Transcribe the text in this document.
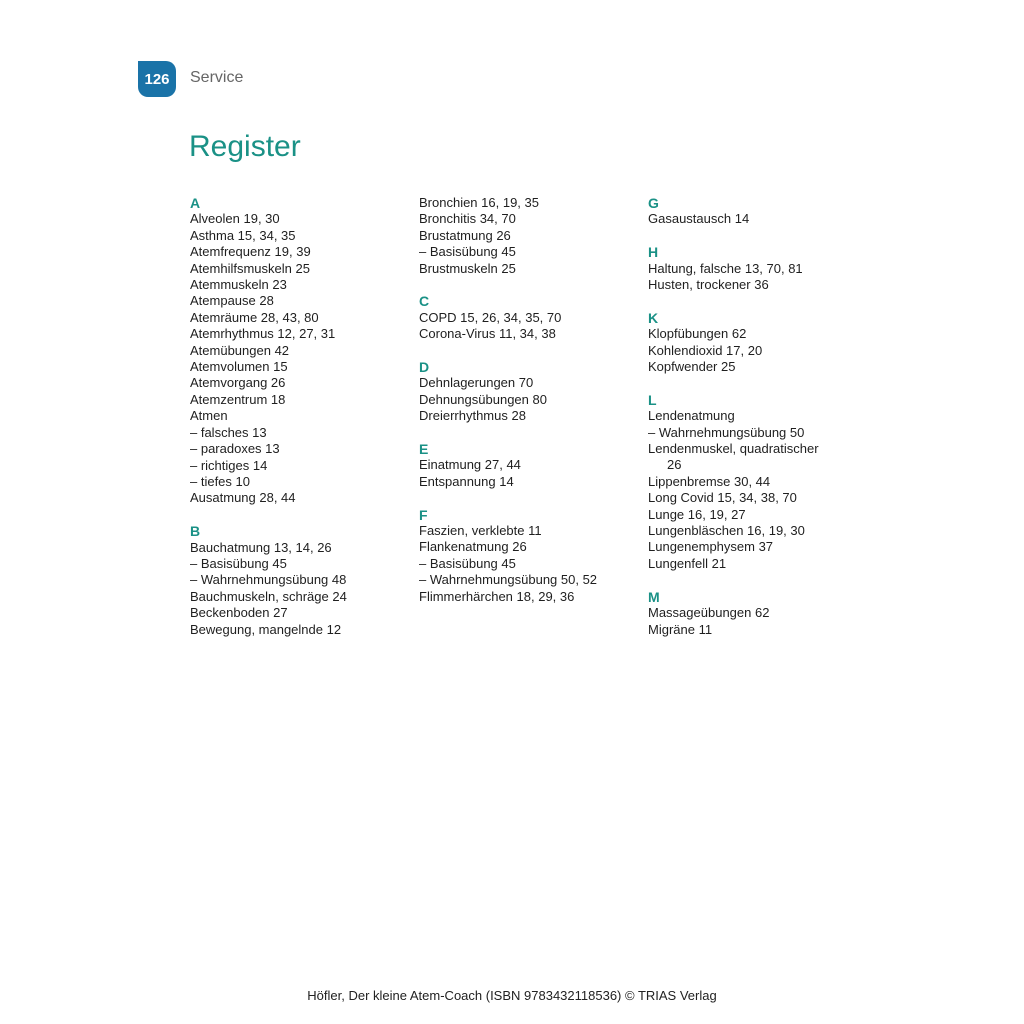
126 Service
Register
A
Alveolen 19, 30
Asthma 15, 34, 35
Atemfrequenz 19, 39
Atemhilfsmuskeln 25
Atemmuskeln 23
Atempause 28
Atemräume 28, 43, 80
Atemrhythmus 12, 27, 31
Atemübungen 42
Atemvolumen 15
Atemvorgang 26
Atemzentrum 18
Atmen
– falsches 13
– paradoxes 13
– richtiges 14
– tiefes 10
Ausatmung 28, 44
B
Bauchatmung 13, 14, 26
– Basisübung 45
– Wahrnehmungsübung 48
Bauchmuskeln, schräge 24
Beckenboden 27
Bewegung, mangelnde 12
Bronchien 16, 19, 35
Bronchitis 34, 70
Brustatmung 26
– Basisübung 45
Brustmuskeln 25
C
COPD 15, 26, 34, 35, 70
Corona-Virus 11, 34, 38
D
Dehnlagerungen 70
Dehnungsübungen 80
Dreierrhythmus 28
E
Einatmung 27, 44
Entspannung 14
F
Faszien, verklebte 11
Flankenatmung 26
– Basisübung 45
– Wahrnehmungsübung 50, 52
Flimmerhärchen 18, 29, 36
G
Gasaustausch 14
H
Haltung, falsche 13, 70, 81
Husten, trockener 36
K
Klopfübungen 62
Kohlendioxid 17, 20
Kopfwender 25
L
Lendenatmung
– Wahrnehmungsübung 50
Lendenmuskel, quadratischer
26
Lippenbremse 30, 44
Long Covid 15, 34, 38, 70
Lunge 16, 19, 27
Lungenbläschen 16, 19, 30
Lungenemphysem 37
Lungenfell 21
M
Massageübungen 62
Migräne 11
Höfler, Der kleine Atem-Coach (ISBN 9783432118536) © TRIAS Verlag
